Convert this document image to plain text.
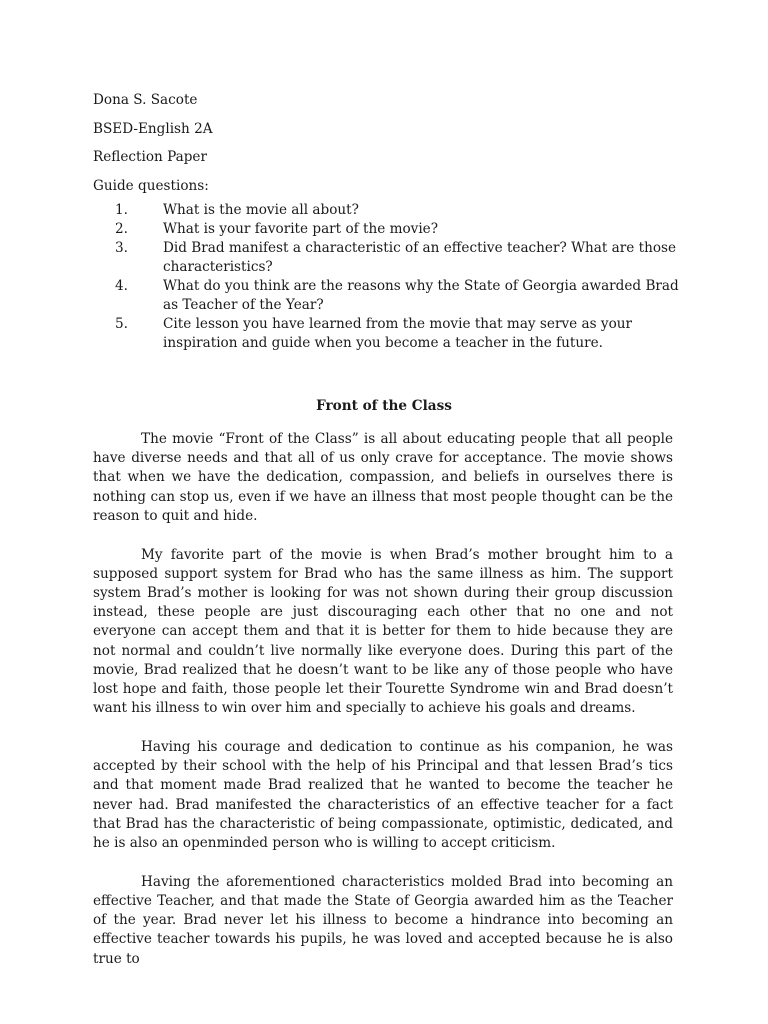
Dona S. Sacote
BSED-English 2A
Reflection Paper
Guide questions:
1.	What is the movie all about?
2.	What is your favorite part of the movie?
3.	Did Brad manifest a characteristic of an effective teacher? What are those characteristics?
4.	What do you think are the reasons why the State of Georgia awarded Brad as Teacher of the Year?
5.	Cite lesson you have learned from the movie that may serve as your inspiration and guide when you become a teacher in the future.
Front of the Class

The movie “Front of the Class” is all about educating people that all people have diverse needs and that all of us only crave for acceptance. The movie shows that when we have the dedication, compassion, and beliefs in ourselves there is nothing can stop us, even if we have an illness that most people thought can be the reason to quit and hide.

My favorite part of the movie is when Brad’s mother brought him to a supposed support system for Brad who has the same illness as him. The support system Brad’s mother is looking for was not shown during their group discussion instead, these people are just discouraging each other that no one and not everyone can accept them and that it is better for them to hide because they are not normal and couldn’t live normally like everyone does. During this part of the movie, Brad realized that he doesn’t want to be like any of those people who have lost hope and faith, those people let their Tourette Syndrome win and Brad doesn’t want his illness to win over him and specially to achieve his goals and dreams.

Having his courage and dedication to continue as his companion, he was accepted by their school with the help of his Principal and that lessen Brad’s tics and that moment made Brad realized that he wanted to become the teacher he never had. Brad manifested the characteristics of an effective teacher for a fact that Brad has the characteristic of being compassionate, optimistic, dedicated, and he is also an openminded person who is willing to accept criticism.

Having the aforementioned characteristics molded Brad into becoming an effective Teacher, and that made the State of Georgia awarded him as the Teacher of the year. Brad never let his illness to become a hindrance into becoming an effective teacher towards his pupils, he was loved and accepted because he is also true to
